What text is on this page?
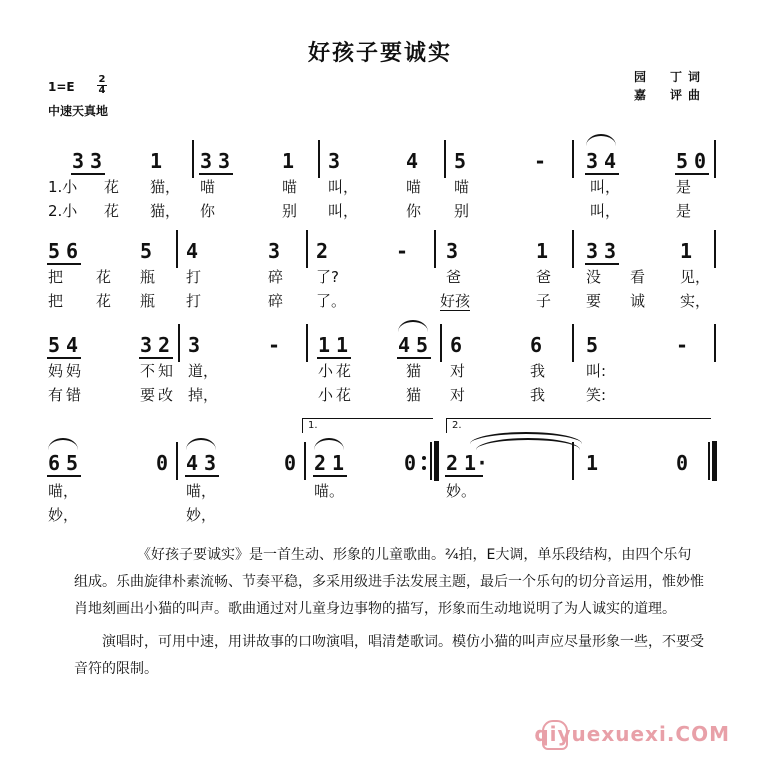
好孩子要诚实
园　丁词
嘉　评曲
1=E
2
4
中速天真地
3 3 1 3 3	1 3	4 5	- 3 4	5 0
1.小 花 猫， 喵	喵 叫，	喵 喵	叫，	是
2.小 花 猫， 你	别 叫，	你 别	叫，	是
5 6	5 4	3 2	- 3	1 3 3	1
把 花 瓶 打	碎 了?	爸	爸 没 看 见，
把 花 瓶 打	碎 了。	好孩	子 要 诚 实，
5 4	3 2 3	- 1 1 4 5 6	6 5	-
妈 妈	不 知 道，	小 花	猫 对	我	叫:
有 错	要 改 掉，	小 花	猫 对	我	笑:
1.	2.
6 5	0 4 3	0 2 1	0 2 1·	1	0
喵，	喵，	喵。	妙。
妙，	妙，

《好孩子要诚实》是一首生动、形象的儿童歌曲。²⁄₄拍，E大调，单乐段结构，由四个乐句组成。乐曲旋律朴素流畅、节奏平稳，多采用级进手法发展主题，最后一个乐句的切分音运用，惟妙惟肖地刻画出小猫的叫声。歌曲通过对儿童身边事物的描写，形象而生动地说明了为人诚实的道理。

演唱时，可用中速，用讲故事的口吻演唱，唱清楚歌词。模仿小猫的叫声应尽量形象一些，不要受音符的限制。

qiyuexuexi.COM
